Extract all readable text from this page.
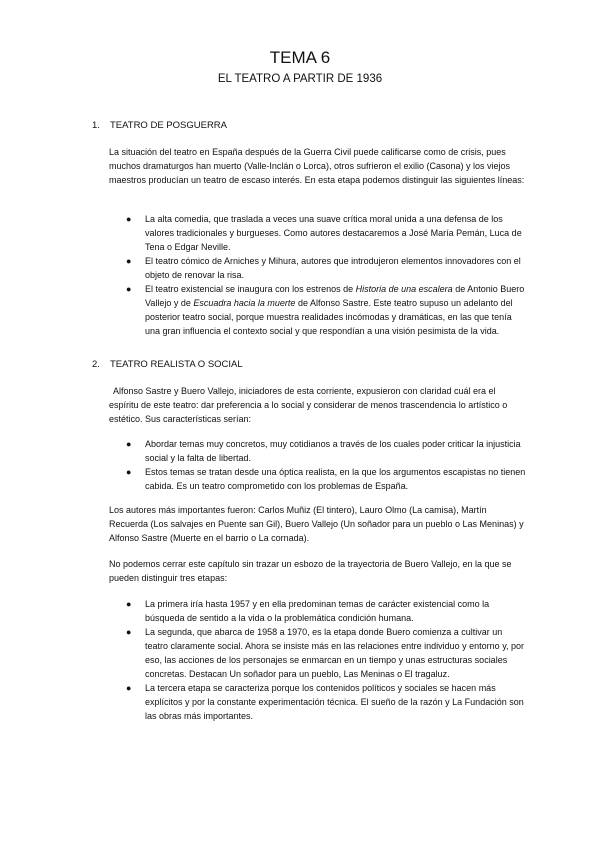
TEMA 6

EL TEATRO A PARTIR DE 1936

1. TEATRO DE POSGUERRA

La situación del teatro en España después de la Guerra Civil puede calificarse como de crisis, pues muchos dramaturgos han muerto (Valle-Inclán o Lorca), otros sufrieron el exilio (Casona) y los viejos maestros producían un teatro de escaso interés. En esta etapa podemos distinguir las siguientes líneas:

● La alta comedia, que traslada a veces una suave crítica moral unida a una defensa de los valores tradicionales y burgueses. Como autores destacaremos a José María Pemán, Luca de Tena o Edgar Neville.
● El teatro cómico de Arniches y Mihura, autores que introdujeron elementos innovadores con el objeto de renovar la risa.
● El teatro existencial se inaugura con los estrenos de Historia de una escalera de Antonio Buero Vallejo y de Escuadra hacia la muerte de Alfonso Sastre. Este teatro supuso un adelanto del posterior teatro social, porque muestra realidades incómodas y dramáticas, en las que tenía una gran influencia el contexto social y que respondían a una visión pesimista de la vida.

2. TEATRO REALISTA O SOCIAL

Alfonso Sastre y Buero Vallejo, iniciadores de esta corriente, expusieron con claridad cuál era el espíritu de este teatro: dar preferencia a lo social y considerar de menos trascendencia lo artístico o estético. Sus características serían:

● Abordar temas muy concretos, muy cotidianos a través de los cuales poder criticar la injusticia social y la falta de libertad.
● Estos temas se tratan desde una óptica realista, en la que los argumentos escapistas no tienen cabida. Es un teatro comprometido con los problemas de España.

Los autores más importantes fueron: Carlos Muñiz (El tintero), Lauro Olmo (La camisa), Martín Recuerda (Los salvajes en Puente san Gil), Buero Vallejo (Un soñador para un pueblo o Las Meninas) y Alfonso Sastre (Muerte en el barrio o La cornada).

No podemos cerrar este capítulo sin trazar un esbozo de la trayectoria de Buero Vallejo, en la que se pueden distinguir tres etapas:

● La primera iría hasta 1957 y en ella predominan temas de carácter existencial como la búsqueda de sentido a la vida o la problemática condición humana.
● La segunda, que abarca de 1958 a 1970, es la etapa donde Buero comienza a cultivar un teatro claramente social. Ahora se insiste más en las relaciones entre individuo y entorno y, por eso, las acciones de los personajes se enmarcan en un tiempo y unas estructuras sociales concretas. Destacan Un soñador para un pueblo, Las Meninas o El tragaluz.
● La tercera etapa se caracteriza porque los contenidos políticos y sociales se hacen más explícitos y por la constante experimentación técnica. El sueño de la razón y La Fundación son las obras más importantes.
